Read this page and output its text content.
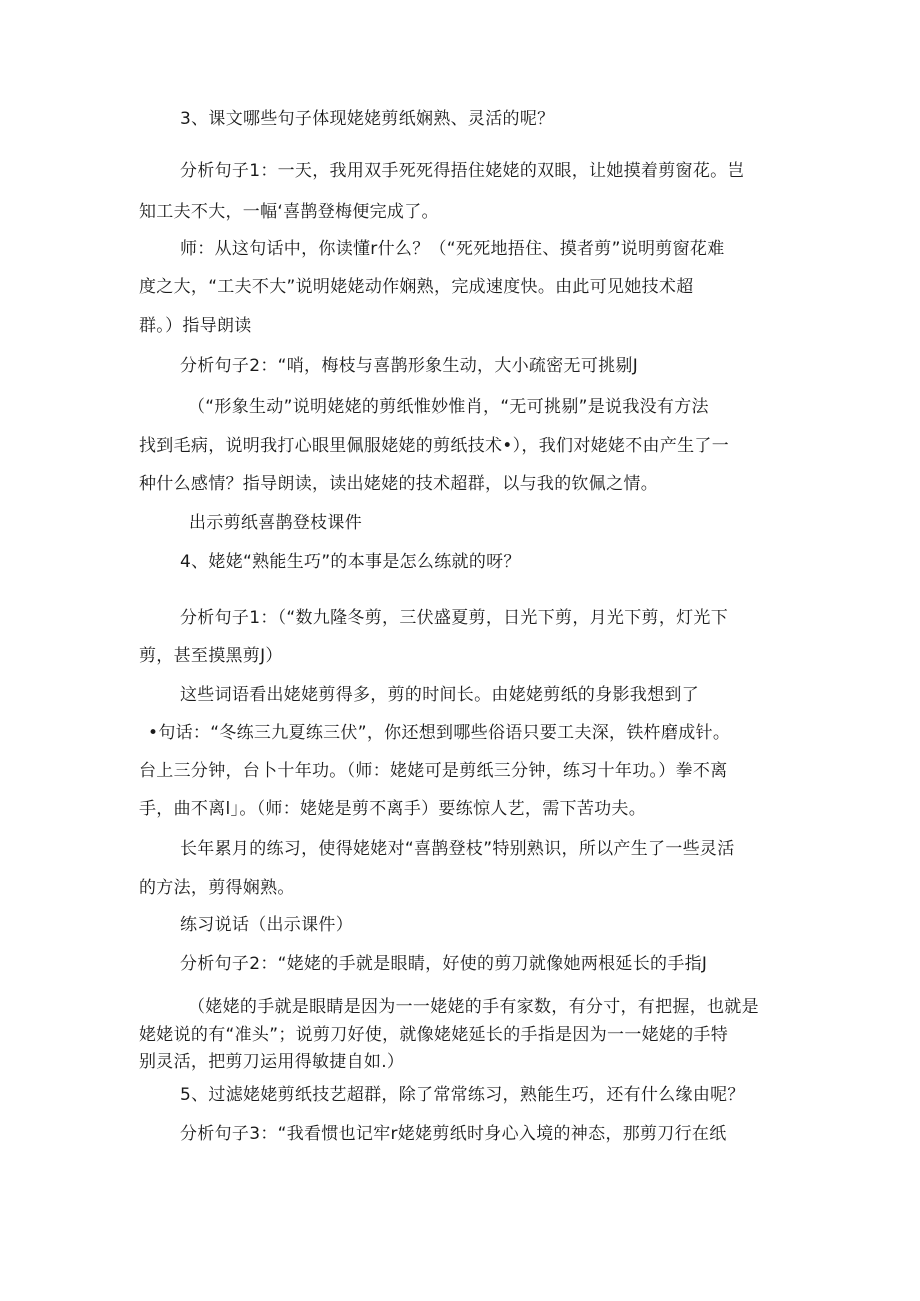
3、课文哪些句子体现姥姥剪纸娴熟、灵活的呢？
分析句子1：一天，我用双手死死得捂住姥姥的双眼，让她摸着剪窗花。岂
知工夫不大，一幅‘喜鹊登梅便完成了。
师：从这句话中，你读懂r什么？（“死死地捂住、摸者剪”说明剪窗花难
度之大，“工夫不大”说明姥姥动作娴熟，完成速度快。由此可见她技术超
群。）指导朗读
分析句子2：“哨，梅枝与喜鹊形象生动，大小疏密无可挑剔J
（“形象生动”说明姥姥的剪纸惟妙惟肖，“无可挑剔”是说我没有方法
找到毛病，说明我打心眼里佩服姥姥的剪纸技术•），我们对姥姥不由产生了一
种什么感情？指导朗读，读出姥姥的技术超群，以与我的钦佩之情。
出示剪纸喜鹊登枝课件
4、姥姥“熟能生巧”的本事是怎么练就的呀？
分析句子1：（“数九隆冬剪，三伏盛夏剪，日光下剪，月光下剪，灯光下
剪，甚至摸黑剪J）
这些词语看出姥姥剪得多，剪的时间长。由姥姥剪纸的身影我想到了
•句话：“冬练三九夏练三伏”，你还想到哪些俗语只要工夫深，铁杵磨成针。
台上三分钟，台卜十年功。（师：姥姥可是剪纸三分钟，练习十年功。）拳不离
手，曲不离l」。（师：姥姥是剪不离手）要练惊人艺，需下苦功夫。
长年累月的练习，使得姥姥对“喜鹊登枝”特别熟识，所以产生了一些灵活
的方法，剪得娴熟。
练习说话（出示课件）
分析句子2：“姥姥的手就是眼睛，好使的剪刀就像她两根延长的手指J
（姥姥的手就是眼睛是因为一一姥姥的手有家数，有分寸，有把握，也就是
姥姥说的有“准头”；说剪刀好使，就像姥姥延长的手指是因为一一姥姥的手特
别灵活，把剪刀运用得敏捷自如.）
5、过滤姥姥剪纸技艺超群，除了常常练习，熟能生巧，还有什么缘由呢？
分析句子3：“我看惯也记牢r姥姥剪纸时身心入境的神态，那剪刀行在纸
